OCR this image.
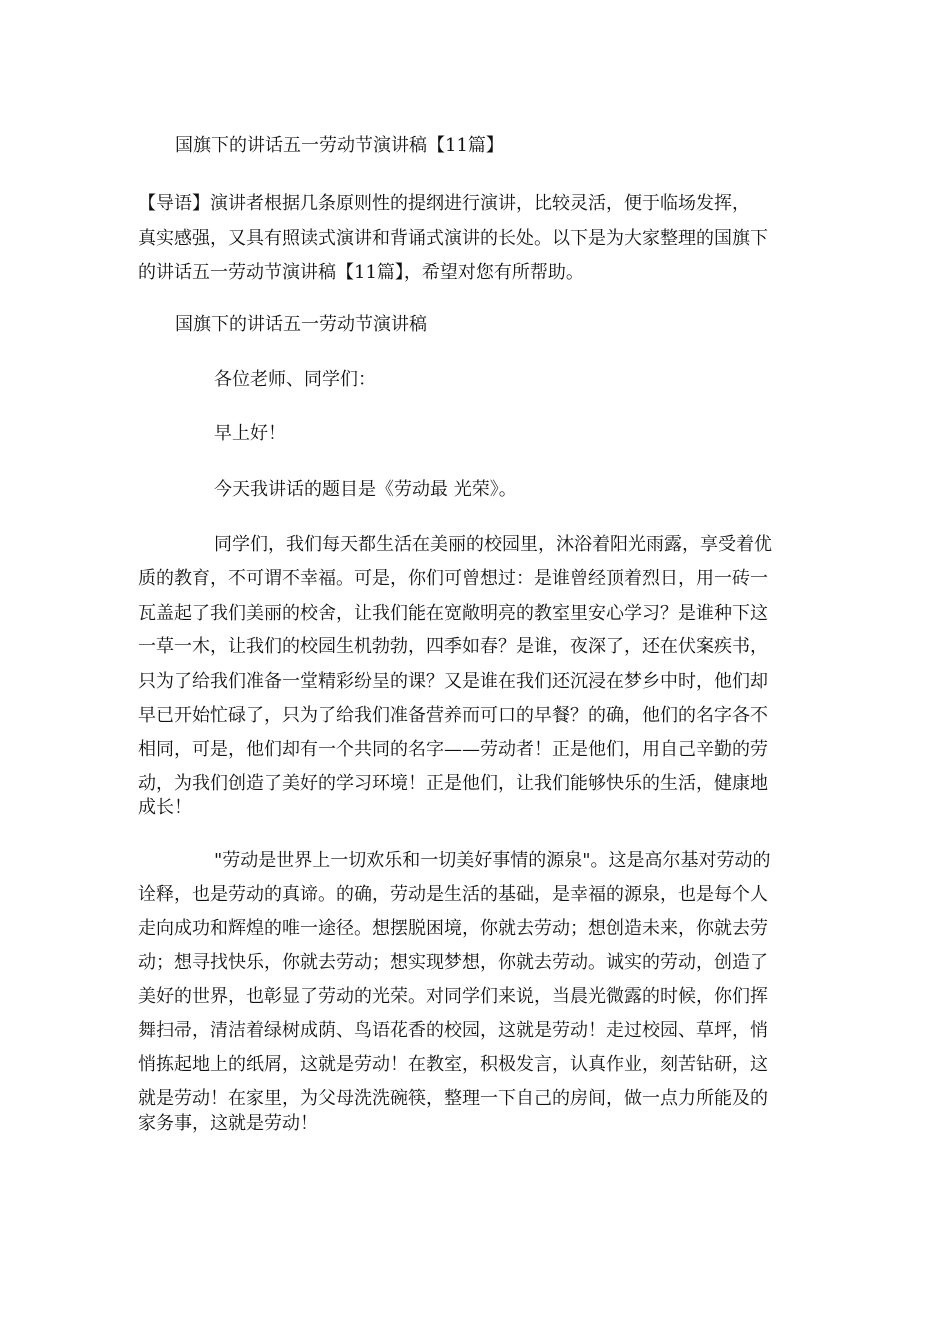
国旗下的讲话五一劳动节演讲稿【11篇】
【导语】演讲者根据几条原则性的提纲进行演讲，比较灵活，便于临场发挥，
真实感强，又具有照读式演讲和背诵式演讲的长处。以下是为大家整理的国旗下
的讲话五一劳动节演讲稿【11篇】，希望对您有所帮助。
国旗下的讲话五一劳动节演讲稿
各位老师、同学们：
早上好！
今天我讲话的题目是《劳动最 光荣》。
同学们，我们每天都生活在美丽的校园里，沐浴着阳光雨露，享受着优
质的教育，不可谓不幸福。可是，你们可曾想过：是谁曾经顶着烈日，用一砖一
瓦盖起了我们美丽的校舍，让我们能在宽敞明亮的教室里安心学习？是谁种下这
一草一木，让我们的校园生机勃勃，四季如春？是谁，夜深了，还在伏案疾书，
只为了给我们准备一堂精彩纷呈的课？又是谁在我们还沉浸在梦乡中时，他们却
早已开始忙碌了，只为了给我们准备营养而可口的早餐？的确，他们的名字各不
相同，可是，他们却有一个共同的名字——劳动者！正是他们，用自己辛勤的劳
动，为我们创造了美好的学习环境！正是他们，让我们能够快乐的生活，健康地
成长！
"劳动是世界上一切欢乐和一切美好事情的源泉"。这是高尔基对劳动的
诠释，也是劳动的真谛。的确，劳动是生活的基础，是幸福的源泉，也是每个人
走向成功和辉煌的唯一途径。想摆脱困境，你就去劳动；想创造未来，你就去劳
动；想寻找快乐，你就去劳动；想实现梦想，你就去劳动。诚实的劳动，创造了
美好的世界，也彰显了劳动的光荣。对同学们来说，当晨光微露的时候，你们挥
舞扫帚，清洁着绿树成荫、鸟语花香的校园，这就是劳动！走过校园、草坪，悄
悄拣起地上的纸屑，这就是劳动！在教室，积极发言，认真作业，刻苦钻研，这
就是劳动！在家里，为父母洗洗碗筷，整理一下自己的房间，做一点力所能及的
家务事，这就是劳动！
